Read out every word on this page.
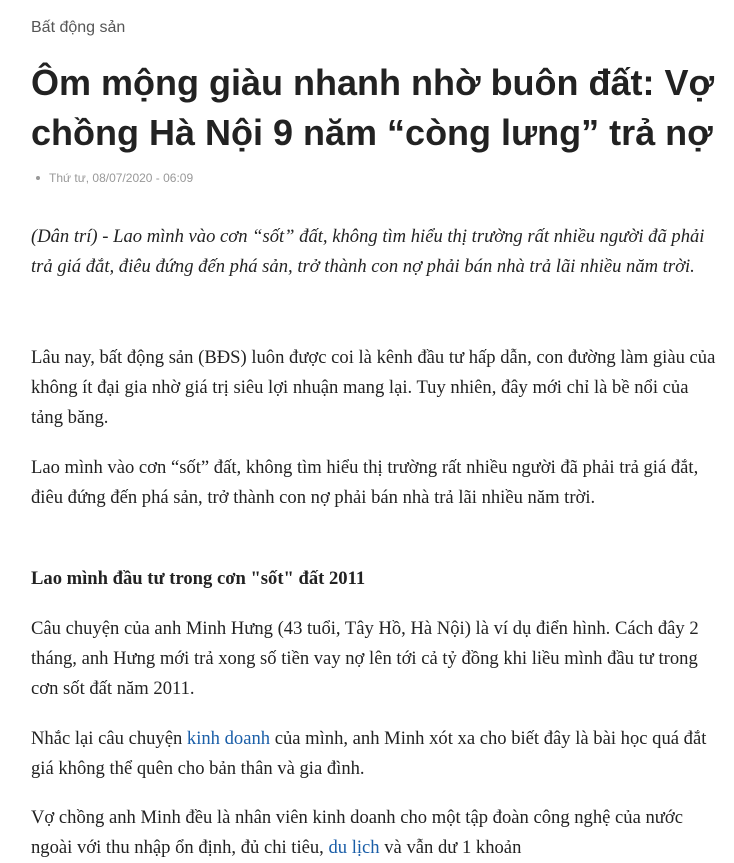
Bất động sản
Ôm mộng giàu nhanh nhờ buôn đất: Vợ chồng Hà Nội 9 năm “còng lưng” trả nợ
Thứ tư, 08/07/2020 - 06:09

(Dân trí) - Lao mình vào cơn “sốt” đất, không tìm hiểu thị trường rất nhiều người đã phải trả giá đắt, điêu đứng đến phá sản, trở thành con nợ phải bán nhà trả lãi nhiều năm trời.

Lâu nay, bất động sản (BĐS) luôn được coi là kênh đầu tư hấp dẫn, con đường làm giàu của không ít đại gia nhờ giá trị siêu lợi nhuận mang lại. Tuy nhiên, đây mới chỉ là bề nổi của tảng băng.

Lao mình vào cơn “sốt” đất, không tìm hiểu thị trường rất nhiều người đã phải trả giá đắt, điêu đứng đến phá sản, trở thành con nợ phải bán nhà trả lãi nhiều năm trời.

Lao mình đầu tư trong cơn "sốt" đất 2011

Câu chuyện của anh Minh Hưng (43 tuổi, Tây Hồ, Hà Nội) là ví dụ điển hình. Cách đây 2 tháng, anh Hưng mới trả xong số tiền vay nợ lên tới cả tỷ đồng khi liều mình đầu tư trong cơn sốt đất năm 2011.

Nhắc lại câu chuyện kinh doanh của mình, anh Minh xót xa cho biết đây là bài học quá đắt giá không thể quên cho bản thân và gia đình.

Vợ chồng anh Minh đều là nhân viên kinh doanh cho một tập đoàn công nghệ của nước ngoài với thu nhập ổn định, đủ chi tiêu, du lịch và vẫn dư 1 khoản
